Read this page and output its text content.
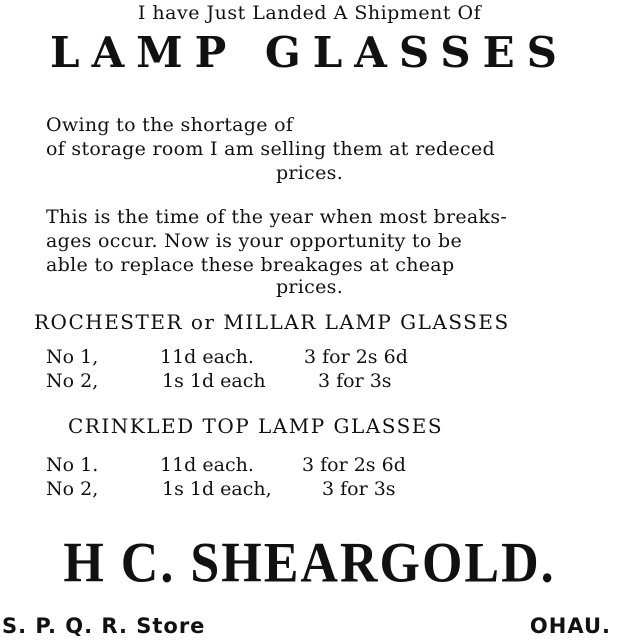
I have Just Landed A Shipment Of
LAMP GLASSES
Owing to the shortage of
of storage room I am selling them at redeced
prices.
This is the time of the year when most breaks-
ages occur. Now is your opportunity to be
able to replace these breakages at cheap
prices.
ROCHESTER or MILLAR LAMP GLASSES
No 1,	11d each.	3 for 2s 6d
No 2,	1s 1d each	3 for 3s
CRINKLED TOP LAMP GLASSES
No 1.	11d each.	3 for 2s 6d
No 2,	1s 1d each,	3 for 3s
H C. SHEARGOLD.
S. P. Q. R. Store	OHAU.
